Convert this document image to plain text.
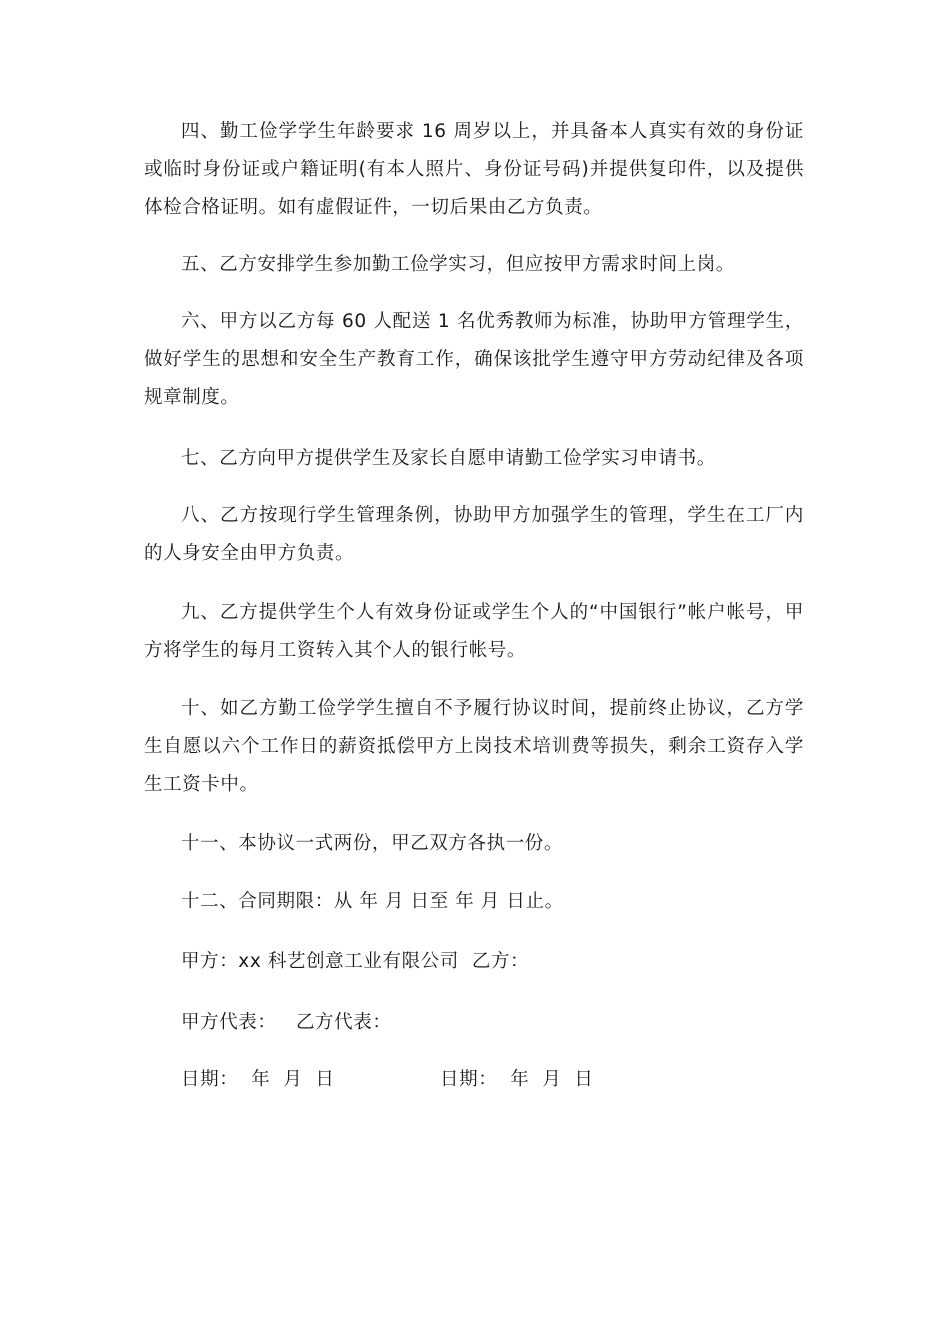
四、勤工俭学学生年龄要求 16 周岁以上，并具备本人真实有效的身份证或临时身份证或户籍证明(有本人照片、身份证号码)并提供复印件，以及提供体检合格证明。如有虚假证件，一切后果由乙方负责。

五、乙方安排学生参加勤工俭学实习，但应按甲方需求时间上岗。

六、甲方以乙方每 60 人配送 1 名优秀教师为标准，协助甲方管理学生，做好学生的思想和安全生产教育工作，确保该批学生遵守甲方劳动纪律及各项规章制度。

七、乙方向甲方提供学生及家长自愿申请勤工俭学实习申请书。

八、乙方按现行学生管理条例，协助甲方加强学生的管理，学生在工厂内的人身安全由甲方负责。

九、乙方提供学生个人有效身份证或学生个人的“中国银行”帐户帐号，甲方将学生的每月工资转入其个人的银行帐号。

十、如乙方勤工俭学学生擅自不予履行协议时间，提前终止协议，乙方学生自愿以六个工作日的薪资抵偿甲方上岗技术培训费等损失，剩余工资存入学生工资卡中。

十一、本协议一式两份，甲乙双方各执一份。

十二、合同期限：从 年 月 日至 年 月 日止。

甲方：xx 科艺创意工业有限公司  乙方：

甲方代表：   乙方代表：

日期：  年  月  日	日期：  年  月  日
